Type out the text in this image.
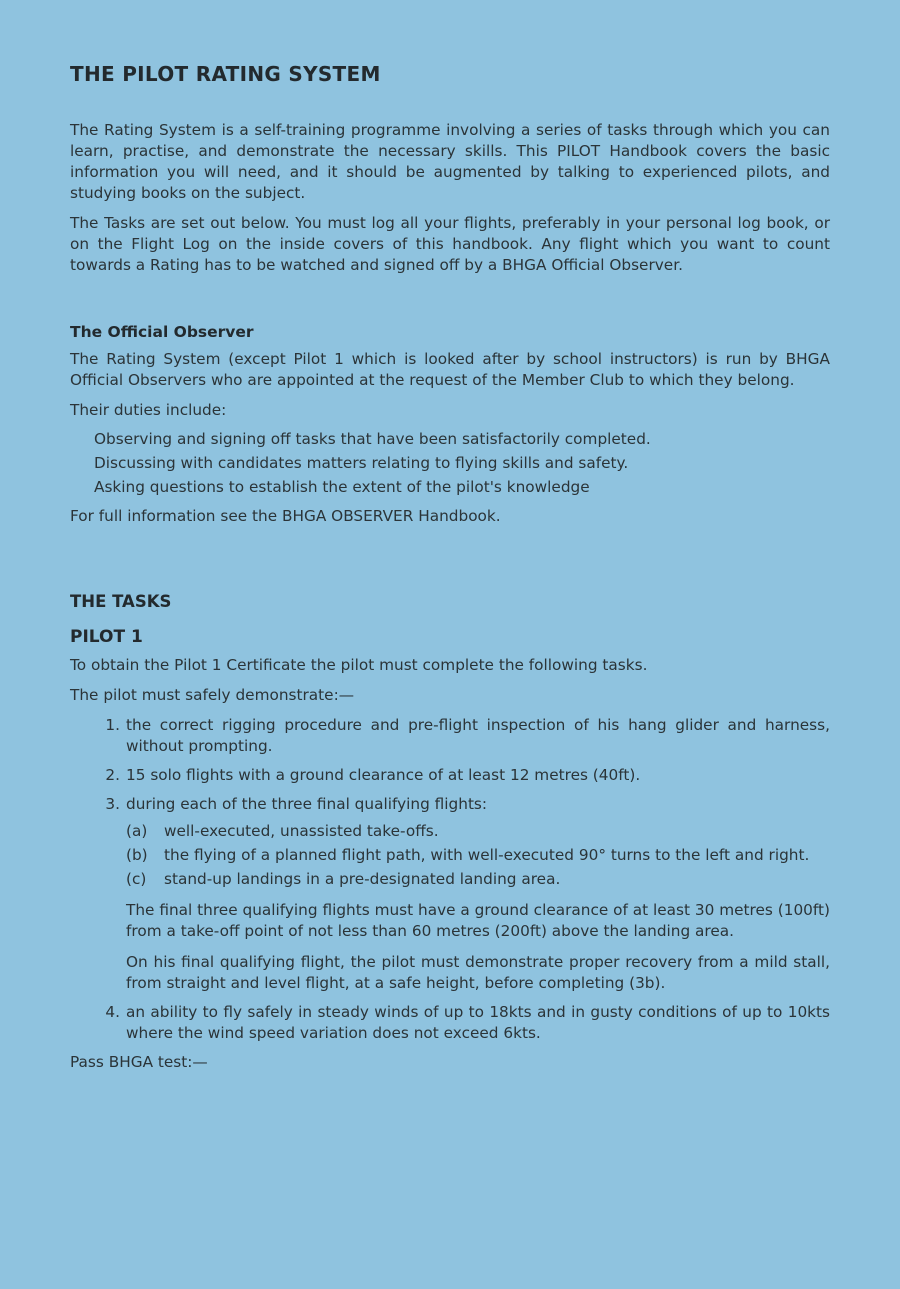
THE PILOT RATING SYSTEM

The Rating System is a self-training programme involving a series of tasks through which you can learn, practise, and demonstrate the necessary skills. This PILOT Handbook covers the basic information you will need, and it should be augmented by talking to experienced pilots, and studying books on the subject.

The Tasks are set out below. You must log all your flights, preferably in your personal log book, or on the Flight Log on the inside covers of this handbook. Any flight which you want to count towards a Rating has to be watched and signed off by a BHGA Official Observer.

The Official Observer

The Rating System (except Pilot 1 which is looked after by school instructors) is run by BHGA Official Observers who are appointed at the request of the Member Club to which they belong.

Their duties include:

Observing and signing off tasks that have been satisfactorily completed.

Discussing with candidates matters relating to flying skills and safety.

Asking questions to establish the extent of the pilot's knowledge

For full information see the BHGA OBSERVER Handbook.

THE TASKS
PILOT 1

To obtain the Pilot 1 Certificate the pilot must complete the following tasks.

The pilot must safely demonstrate:—

1. the correct rigging procedure and pre-flight inspection of his hang glider and harness, without prompting.

2. 15 solo flights with a ground clearance of at least 12 metres (40ft).

3. during each of the three final qualifying flights:

(a)	well-executed, unassisted take-offs.

(b)	the flying of a planned flight path, with well-executed 90° turns to the left and right.

(c)	stand-up landings in a pre-designated landing area.

The final three qualifying flights must have a ground clearance of at least 30 metres (100ft) from a take-off point of not less than 60 metres (200ft) above the landing area.

On his final qualifying flight, the pilot must demonstrate proper recovery from a mild stall, from straight and level flight, at a safe height, before completing (3b).

4. an ability to fly safely in steady winds of up to 18kts and in gusty conditions of up to 10kts where the wind speed variation does not exceed 6kts.

Pass BHGA test:—
